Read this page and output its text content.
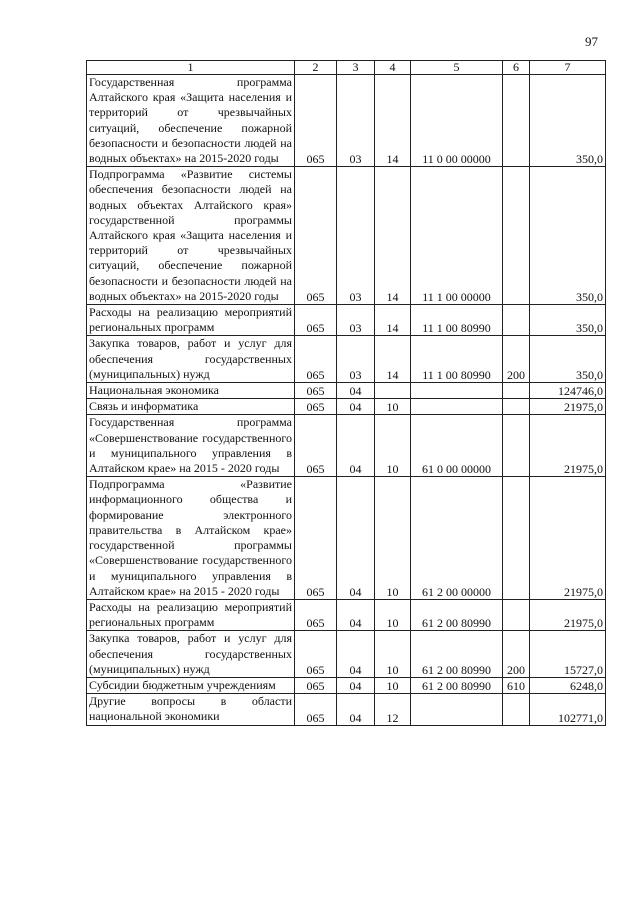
97
1	2	3	4	5	6	7
Государственная программа Алтайского края «Защита населения и территорий от чрезвычайных ситуаций, обеспечение пожарной безопасности и безопасности людей на водных объектах» на 2015-2020 годы	065	03	14	11 0 00 00000		350,0
Подпрограмма «Развитие системы обеспечения безопасности людей на водных объектах Алтайского края» государственной программы Алтайского края «Защита населения и территорий от чрезвычайных ситуаций, обеспечение пожарной безопасности и безопасности людей на водных объектах» на 2015-2020 годы	065	03	14	11 1 00 00000		350,0
Расходы на реализацию мероприятий региональных программ	065	03	14	11 1 00 80990		350,0
Закупка товаров, работ и услуг для обеспечения государственных (муниципальных) нужд	065	03	14	11 1 00 80990	200	350,0
Национальная экономика	065	04				124746,0
Связь и информатика	065	04	10			21975,0
Государственная программа «Совершенствование государственного и муниципального управления в Алтайском крае» на 2015 - 2020 годы	065	04	10	61 0 00 00000		21975,0
Подпрограмма «Развитие информационного общества и формирование электронного правительства в Алтайском крае» государственной программы «Совершенствование государственного и муниципального управления в Алтайском крае» на 2015 - 2020 годы	065	04	10	61 2 00 00000		21975,0
Расходы на реализацию мероприятий региональных программ	065	04	10	61 2 00 80990		21975,0
Закупка товаров, работ и услуг для обеспечения государственных (муниципальных) нужд	065	04	10	61 2 00 80990	200	15727,0
Субсидии бюджетным учреждениям	065	04	10	61 2 00 80990	610	6248,0
Другие вопросы в области национальной экономики	065	04	12			102771,0
